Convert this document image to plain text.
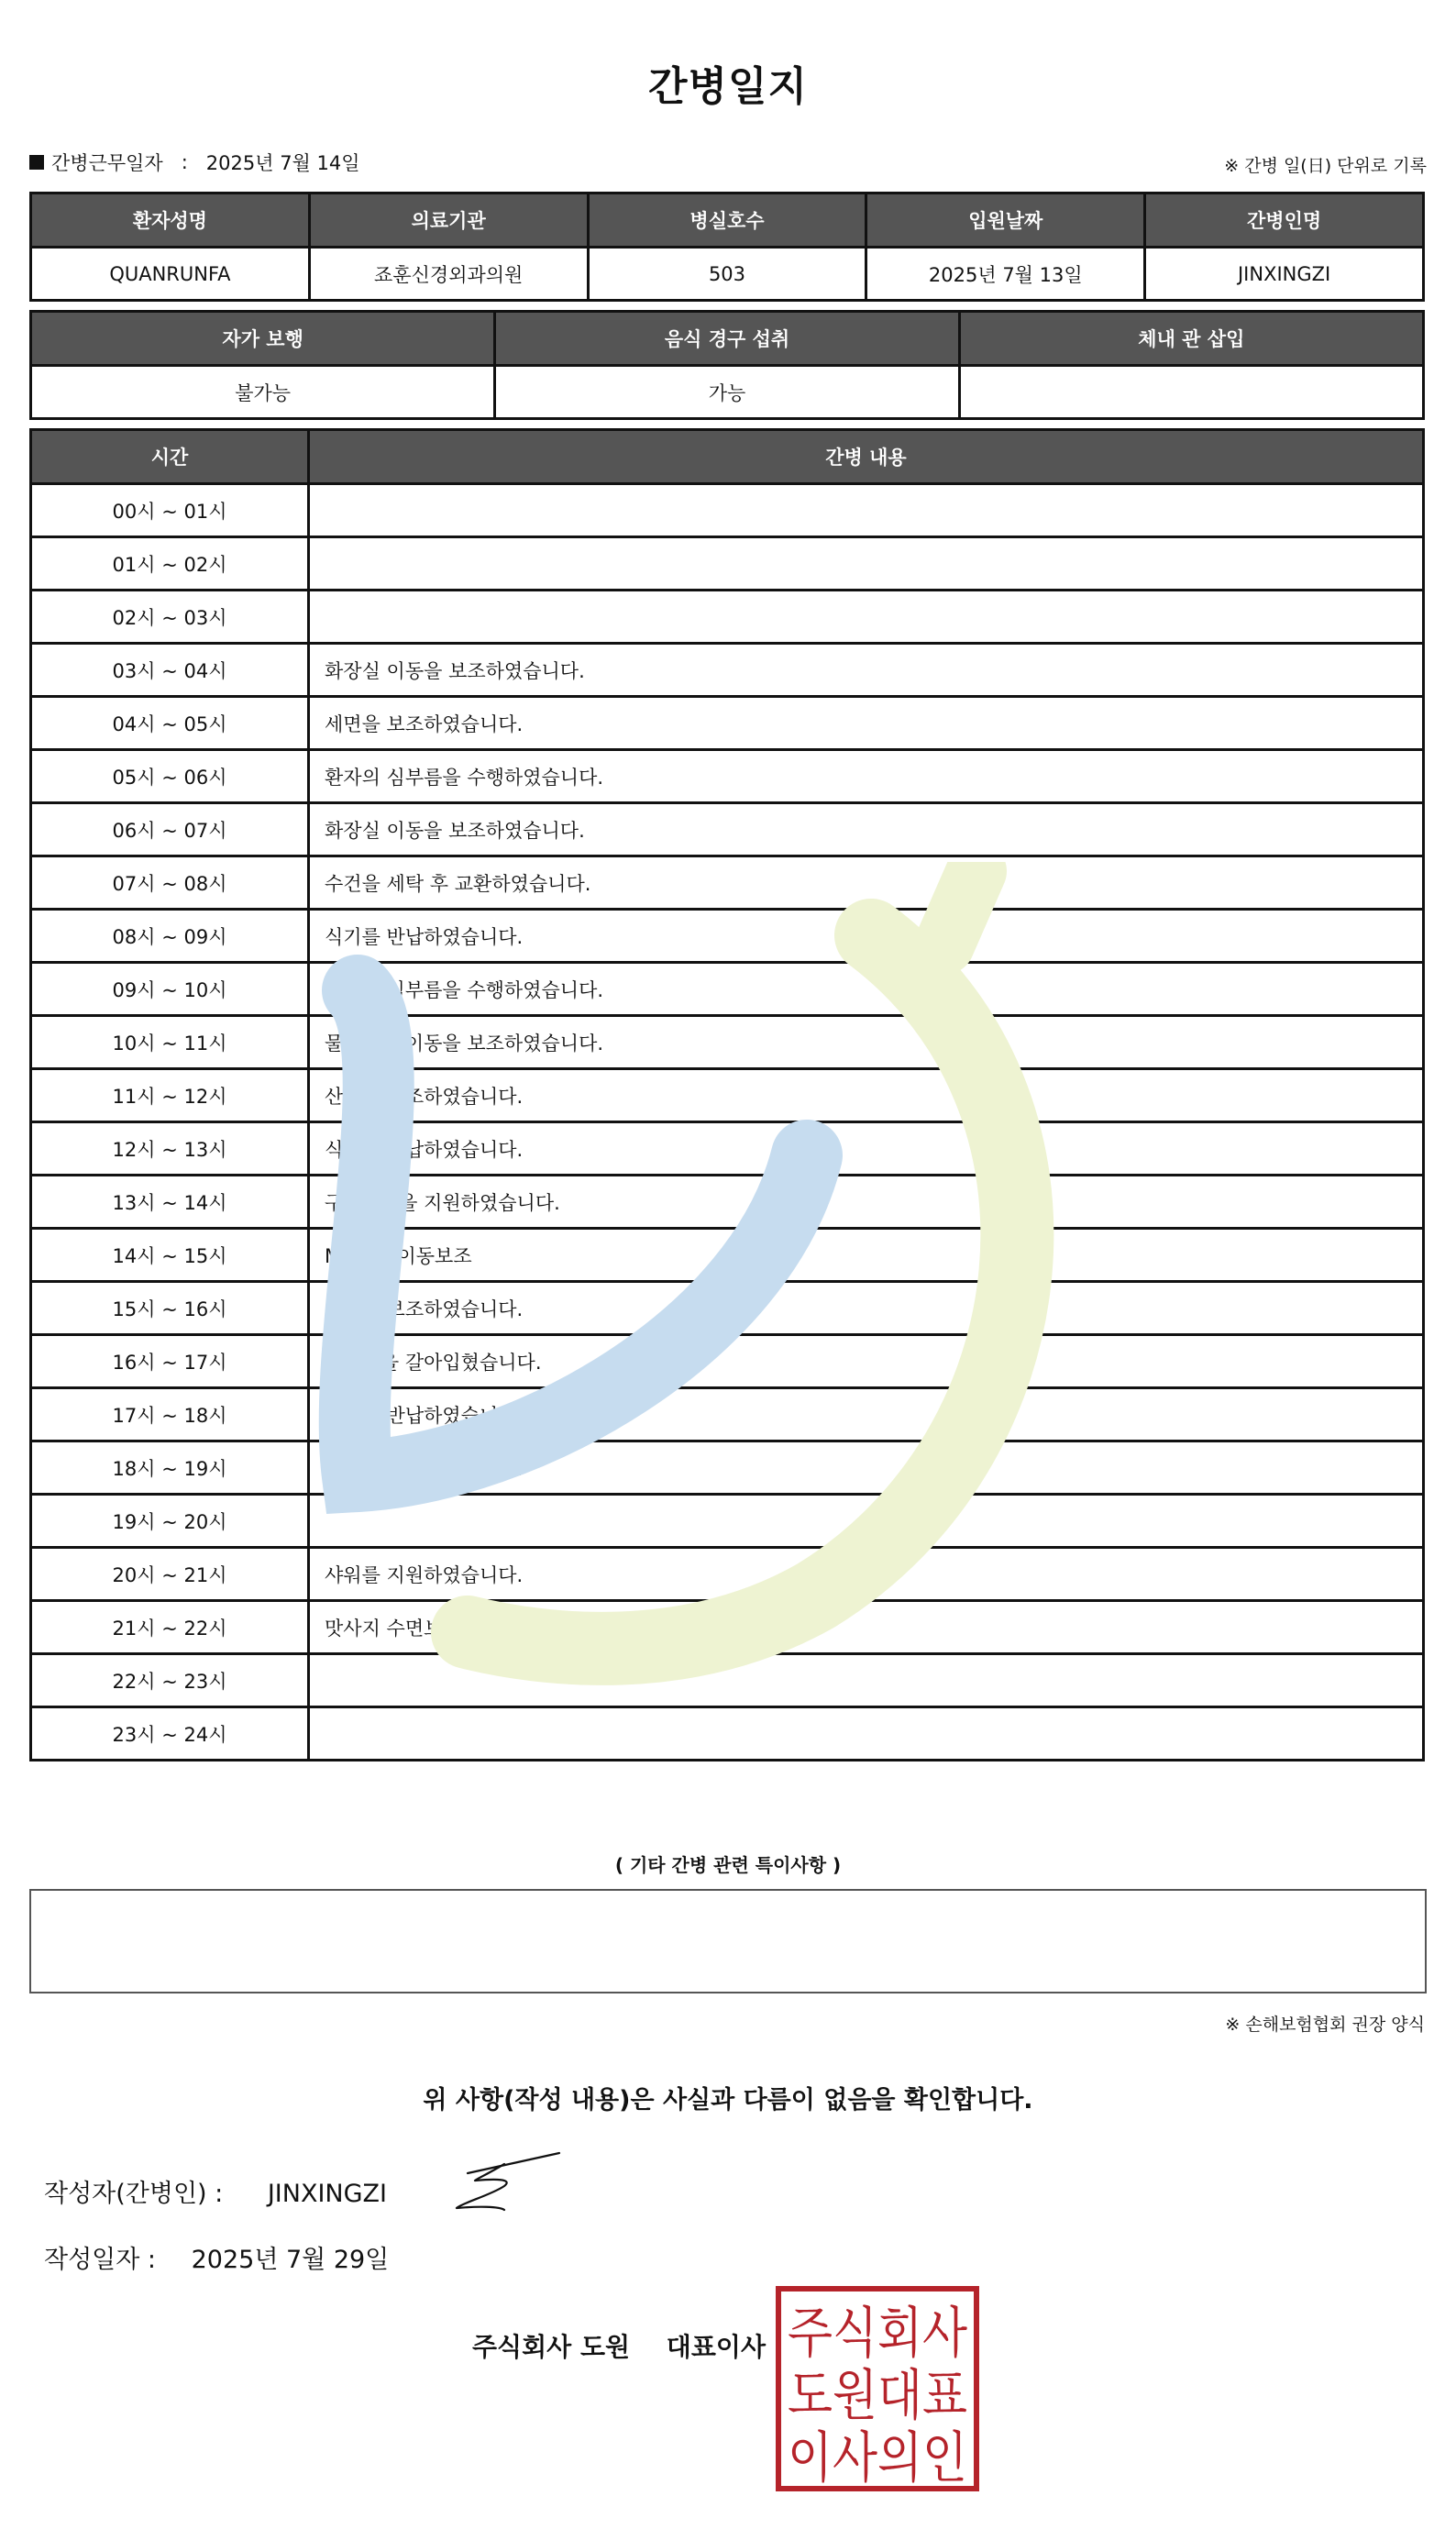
간병일지
간병근무일자 : 2025년 7월 14일	※ 간병 일(日) 단위로 기록
환자성명	의료기관	병실호수	입원날짜	간병인명
QUANRUNFA	죠훈신경외과의원	503	2025년 7월 13일	JINXINGZI
자가 보행	음식 경구 섭취	체내 관 삽입
불가능	가능	
시간	간병 내용
00시 ~ 01시	
01시 ~ 02시	
02시 ~ 03시	
03시 ~ 04시	화장실 이동을 보조하였습니다.
04시 ~ 05시	세면을 보조하였습니다.
05시 ~ 06시	환자의 심부름을 수행하였습니다.
06시 ~ 07시	화장실 이동을 보조하였습니다.
07시 ~ 08시	수건을 세탁 후 교환하였습니다.
08시 ~ 09시	식기를 반납하였습니다.
09시 ~ 10시	환자의 심부름을 수행하였습니다.
10시 ~ 11시	물리치료 이동을 보조하였습니다.
11시 ~ 12시	산책을 보조하였습니다.
12시 ~ 13시	식기를 반납하였습니다.
13시 ~ 14시	구강청결을 지원하였습니다.
14시 ~ 15시	MRI검사이동보조
15시 ~ 16시	산책을 보조하였습니다.
16시 ~ 17시	환자복을 갈아입혔습니다.
17시 ~ 18시	식기를 반납하였습니다.
18시 ~ 19시	산책을 보조하였습니다.
19시 ~ 20시	
20시 ~ 21시	샤워를 지원하였습니다.
21시 ~ 22시	맛사지 수면보조
22시 ~ 23시	
23시 ~ 24시	
( 기타 간병 관련 특이사항 )
※ 손해보험협회 권장 양식
위 사항(작성 내용)은 사실과 다름이 없음을 확인합니다.
작성자(간병인) : JINXINGZI
작성일자 : 2025년 7월 29일
주식회사 도원 대표이사 주식회사
도원대표
이사의인
